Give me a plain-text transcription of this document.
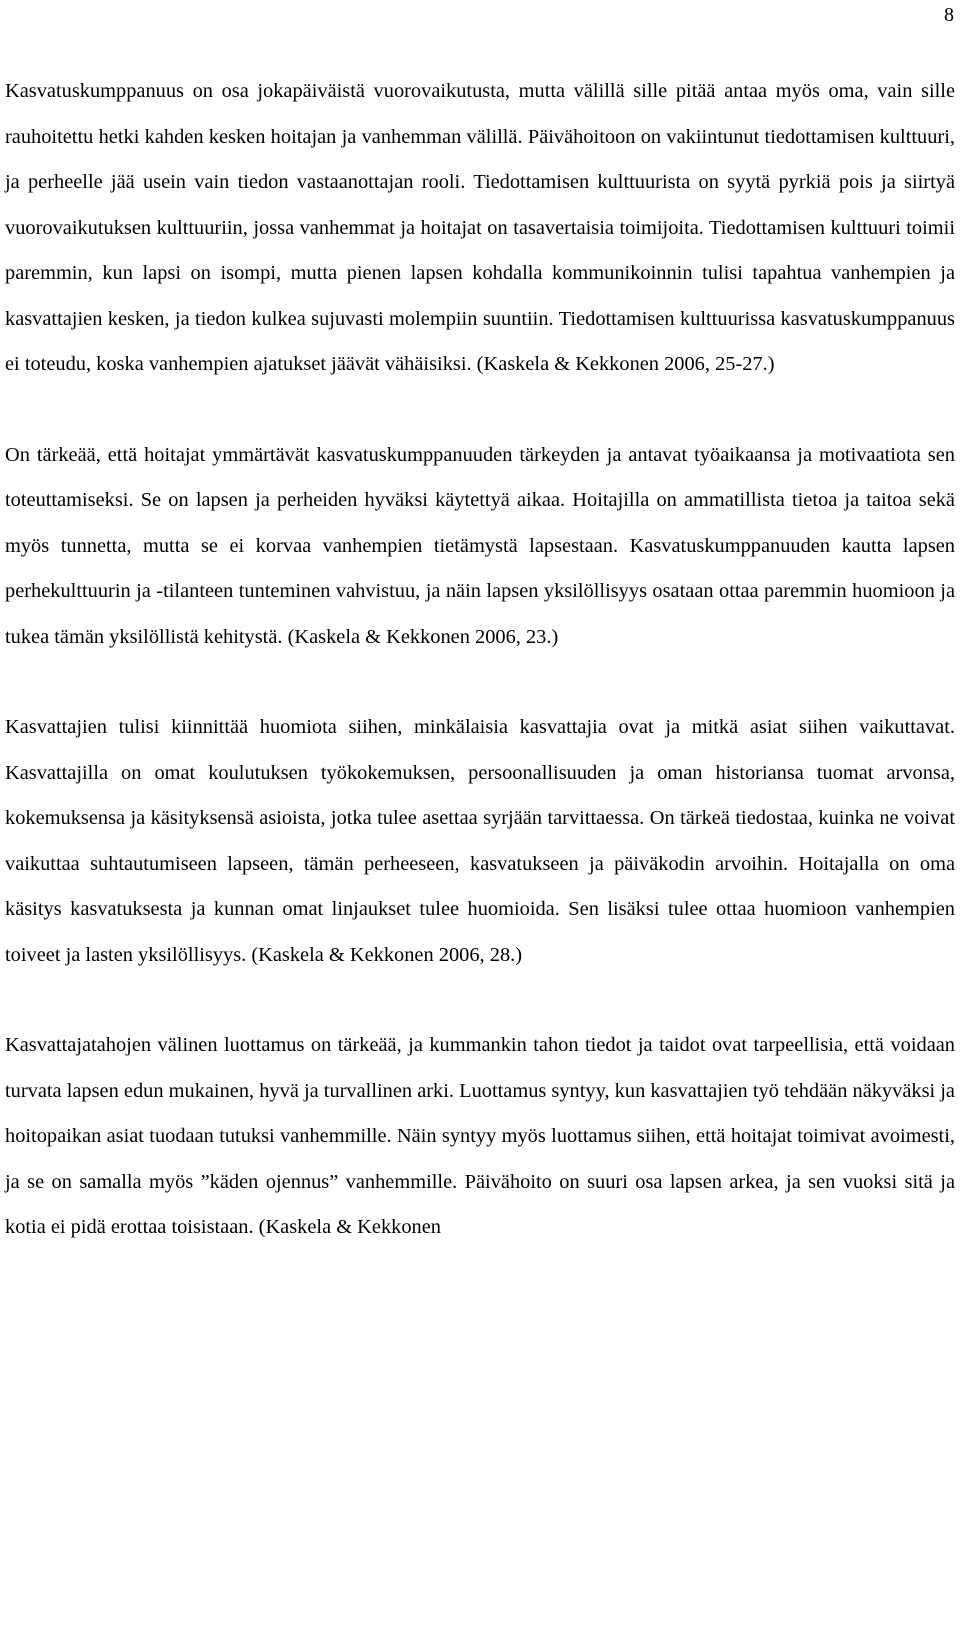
8

Kasvatuskumppanuus on osa jokapäiväistä vuorovaikutusta, mutta välillä sille pitää antaa myös oma, vain sille rauhoitettu hetki kahden kesken hoitajan ja vanhemman välillä. Päivähoitoon on vakiintunut tiedottamisen kulttuuri, ja perheelle jää usein vain tiedon vastaanottajan rooli. Tiedottamisen kulttuurista on syytä pyrkiä pois ja siirtyä vuorovaikutuksen kulttuuriin, jossa vanhemmat ja hoitajat on tasavertaisia toimijoita. Tiedottamisen kulttuuri toimii paremmin, kun lapsi on isompi, mutta pienen lapsen kohdalla kommunikoinnin tulisi tapahtua vanhempien ja kasvattajien kesken, ja tiedon kulkea sujuvasti molempiin suuntiin. Tiedottamisen kulttuurissa kasvatuskumppanuus ei toteudu, koska vanhempien ajatukset jäävät vähäisiksi. (Kaskela & Kekkonen 2006, 25-27.)

On tärkeää, että hoitajat ymmärtävät kasvatuskumppanuuden tärkeyden ja antavat työaikaansa ja motivaatiota sen toteuttamiseksi. Se on lapsen ja perheiden hyväksi käytettyä aikaa. Hoitajilla on ammatillista tietoa ja taitoa sekä myös tunnetta, mutta se ei korvaa vanhempien tietämystä lapsestaan. Kasvatuskumppanuuden kautta lapsen perhekulttuurin ja -tilanteen tunteminen vahvistuu, ja näin lapsen yksilöllisyys osataan ottaa paremmin huomioon ja tukea tämän yksilöllistä kehitystä. (Kaskela & Kekkonen 2006, 23.)

Kasvattajien tulisi kiinnittää huomiota siihen, minkälaisia kasvattajia ovat ja mitkä asiat siihen vaikuttavat. Kasvattajilla on omat koulutuksen työkokemuksen, persoonallisuuden ja oman historiansa tuomat arvonsa, kokemuksensa ja käsityksensä asioista, jotka tulee asettaa syrjään tarvittaessa. On tärkeä tiedostaa, kuinka ne voivat vaikuttaa suhtautumiseen lapseen, tämän perheeseen, kasvatukseen ja päiväkodin arvoihin. Hoitajalla on oma käsitys kasvatuksesta ja kunnan omat linjaukset tulee huomioida. Sen lisäksi tulee ottaa huomioon vanhempien toiveet ja lasten yksilöllisyys. (Kaskela & Kekkonen 2006, 28.)

Kasvattajatahojen välinen luottamus on tärkeää, ja kummankin tahon tiedot ja taidot ovat tarpeellisia, että voidaan turvata lapsen edun mukainen, hyvä ja turvallinen arki. Luottamus syntyy, kun kasvattajien työ tehdään näkyväksi ja hoitopaikan asiat tuodaan tutuksi vanhemmille. Näin syntyy myös luottamus siihen, että hoitajat toimivat avoimesti, ja se on samalla myös ”käden ojennus” vanhemmille. Päivähoito on suuri osa lapsen arkea, ja sen vuoksi sitä ja kotia ei pidä erottaa toisistaan. (Kaskela & Kekkonen
